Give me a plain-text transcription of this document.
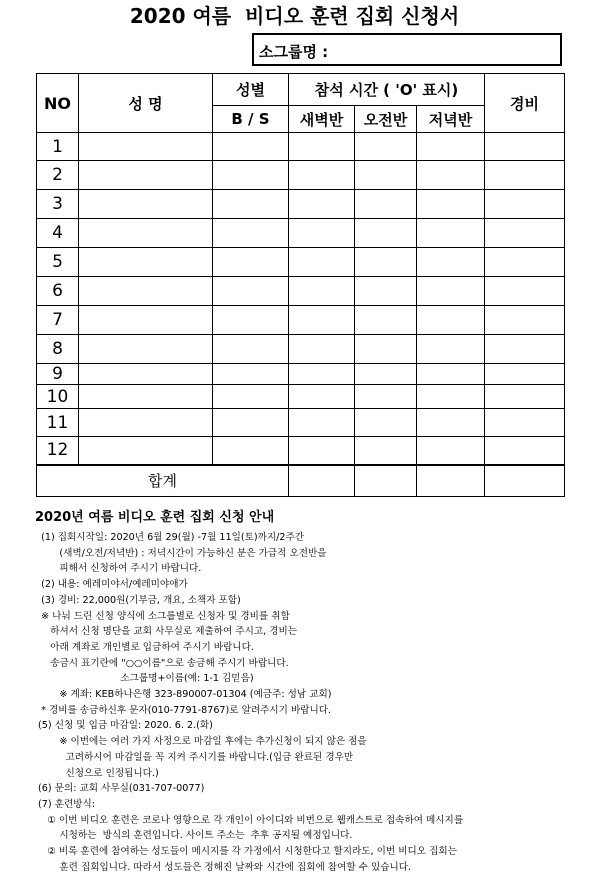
2020 여름  비디오 훈련 집회 신청서
소그룹명 :
NO	성 명	성별	참석 시간 ( 'O' 표시)			경비
		B / S	새벽반	오전반	저녁반	
1						
2						
3						
4						
5						
6						
7						
8						
9						
10						
11						
12						
합계						
2020년 여름 비디오 훈련 집회 신청 안내
(1) 집회시작일: 2020년 6월 29(월) -7월 11일(토)까지/2주간
(새벽/오전/저녁반) : 저녁시간이 가능하신 분은 가급적 오전반을
피해서 신청하여 주시기 바랍니다.
(2) 내용: 예레미야서/예레미야애가
(3) 경비: 22,000원(기부금, 개요, 소책자 포함)
※ 나눠 드린 신청 양식에 소그룹별로 신청자 및 경비를 취합
하셔서 신청 명단을 교회 사무실로 제출하여 주시고, 경비는
아래 계좌로 개인별로 입금하여 주시기 바랍니다.
송금시 표기란에 "○○이름"으로 송금해 주시기 바랍니다.
소그룹명+이름(예: 1-1 김믿음)
※ 계좌: KEB하나은행 323-890007-01304 (예금주: 성남 교회)
* 경비를 송금하신후 문자(010-7791-8767)로 알려주시기 바랍니다.
(5) 신청 및 입금 마감일: 2020. 6. 2.(화)
※ 이번에는 여러 가지 사정으로 마감일 후에는 추가신청이 되지 않은 점을
고려하시어 마감일을 꼭 지켜 주시기를 바랍니다.(입금 완료된 경우만
신청으로 인정됩니다.)
(6) 문의: 교회 사무실(031-707-0077)
(7) 훈련방식:
① 이번 비디오 훈련은 코로나 영향으로 각 개인이 아이디와 비번으로 웹캐스트로 접속하여 메시지를
시청하는  방식의 훈련입니다. 사이트 주소는  추후 공지될 예정입니다.
② 비록 훈련에 참여하는 성도들이 메시지를 각 가정에서 시청한다고 할지라도, 이번 비디오 집회는
훈련 집회입니다. 따라서 성도들은 정해진 날짜와 시간에 집회에 참여할 수 있습니다.
